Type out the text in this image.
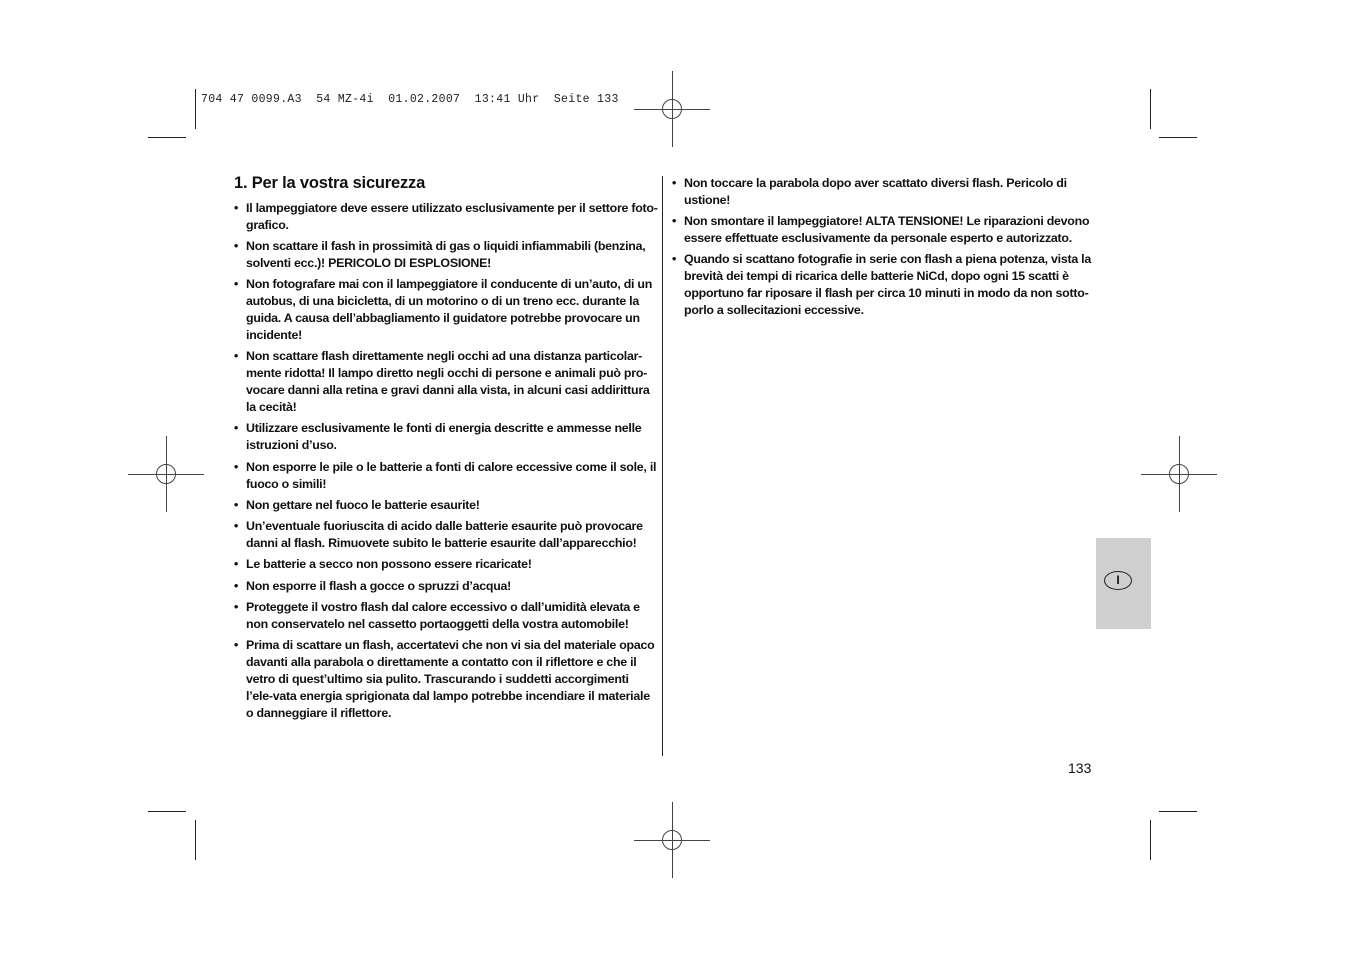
704 47 0099.A3  54 MZ-4i  01.02.2007  13:41 Uhr  Seite 133
1. Per la vostra sicurezza
• Il lampeggiatore deve essere utilizzato esclusivamente per il settore foto-grafico.
• Non scattare il fash in prossimità di gas o liquidi infiammabili (benzina, solventi ecc.)! PERICOLO DI ESPLOSIONE!
• Non fotografare mai con il lampeggiatore il conducente di un’auto, di un autobus, di una bicicletta, di un motorino o di un treno ecc. durante la guida. A causa dell’abbagliamento il guidatore potrebbe provocare un incidente!
• Non scattare flash direttamente negli occhi ad una distanza particolar-mente ridotta! Il lampo diretto negli occhi di persone e animali può pro-vocare danni alla retina e gravi danni alla vista, in alcuni casi addirittura la cecità!
• Utilizzare esclusivamente le fonti di energia descritte e ammesse nelle istruzioni d’uso.
• Non esporre le pile o le batterie a fonti di calore eccessive come il sole, il fuoco o simili!
• Non gettare nel fuoco le batterie esaurite!
• Un’eventuale fuoriuscita di acido dalle batterie esaurite può provocare danni al flash. Rimuovete subito le batterie esaurite dall’apparecchio!
• Le batterie a secco non possono essere ricaricate!
• Non esporre il flash a gocce o spruzzi d’acqua!
• Proteggete il vostro flash dal calore eccessivo o dall’umidità elevata e non conservatelo nel cassetto portaoggetti della vostra automobile!
• Prima di scattare un flash, accertatevi che non vi sia del materiale opaco davanti alla parabola o direttamente a contatto con il riflettore e che il vetro di quest’ultimo sia pulito. Trascurando i suddetti accorgimenti l’ele-vata energia sprigionata dal lampo potrebbe incendiare il materiale o danneggiare il riflettore.
• Non toccare la parabola dopo aver scattato diversi flash. Pericolo di ustione!
• Non smontare il lampeggiatore! ALTA TENSIONE! Le riparazioni devono essere effettuate esclusivamente da personale esperto e autorizzato.
• Quando si scattano fotografie in serie con flash a piena potenza, vista la brevità dei tempi di ricarica delle batterie NiCd, dopo ogni 15 scatti è opportuno far riposare il flash per circa 10 minuti in modo da non sotto-porlo a sollecitazioni eccessive.
I
133
